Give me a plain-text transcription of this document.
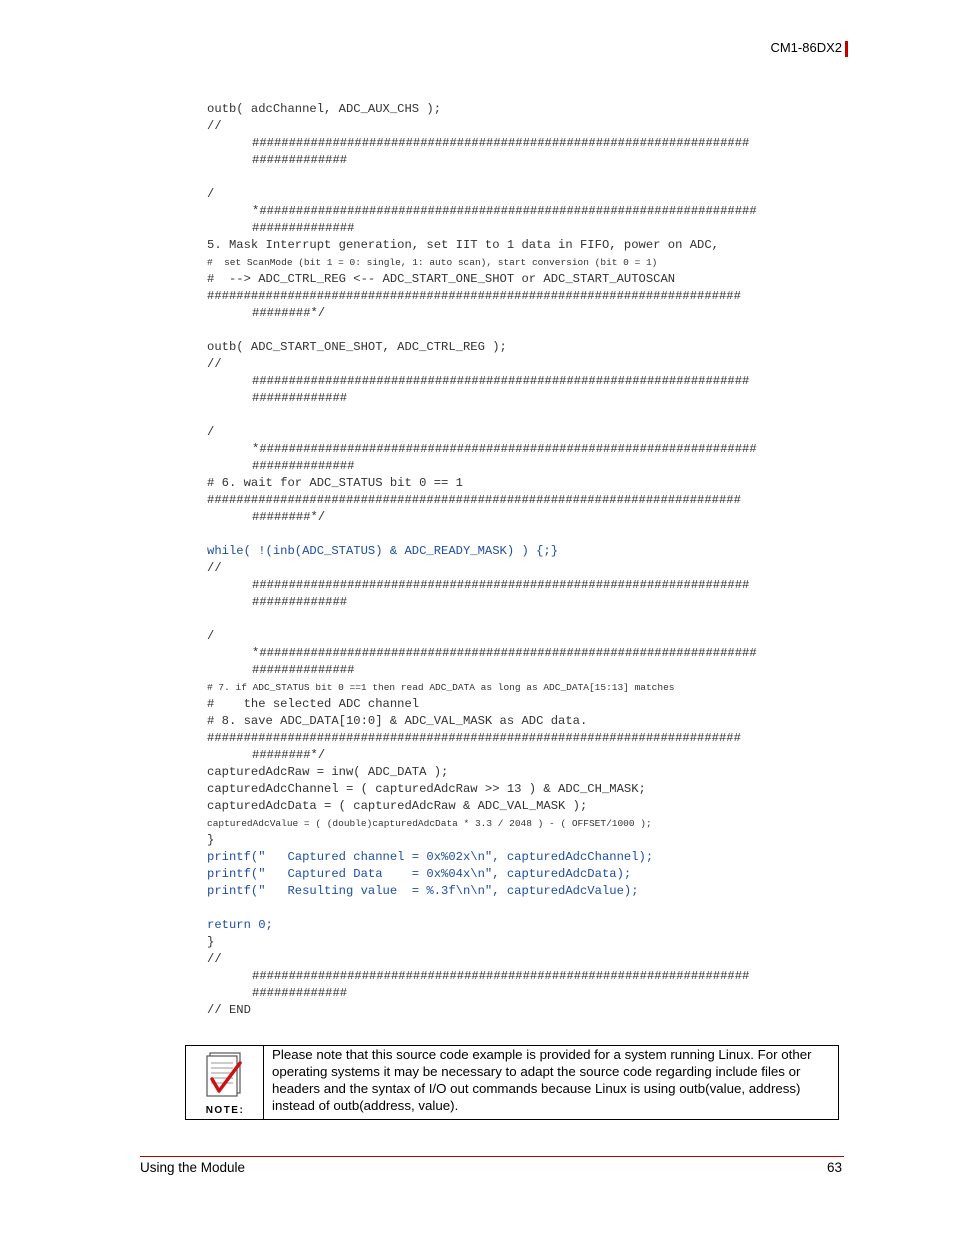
CM1-86DX2
outb( adcChannel, ADC_AUX_CHS );
//
####################################################################
#############
/
*####################################################################
##############
5. Mask Interrupt generation, set IIT to 1 data in FIFO, power on ADC,
#  set ScanMode (bit 1 = 0: single, 1: auto scan), start conversion (bit 0 = 1)
#  --> ADC_CTRL_REG <-- ADC_START_ONE_SHOT or ADC_START_AUTOSCAN
#########################################################################
########*/
outb( ADC_START_ONE_SHOT, ADC_CTRL_REG );
//
####################################################################
#############
/
*####################################################################
##############
# 6. wait for ADC_STATUS bit 0 == 1
#########################################################################
########*/
while( !(inb(ADC_STATUS) & ADC_READY_MASK) ) {;}
//
####################################################################
#############
/
*####################################################################
##############
# 7. if ADC_STATUS bit 0 ==1 then read ADC_DATA as long as ADC_DATA[15:13] matches
#    the selected ADC channel
# 8. save ADC_DATA[10:0] & ADC_VAL_MASK as ADC data.
#########################################################################
########*/
capturedAdcRaw = inw( ADC_DATA );
capturedAdcChannel = ( capturedAdcRaw >> 13 ) & ADC_CH_MASK;
capturedAdcData = ( capturedAdcRaw & ADC_VAL_MASK );
capturedAdcValue = ( (double)capturedAdcData * 3.3 / 2048 ) - ( OFFSET/1000 );
}
printf("   Captured channel = 0x%02x\n", capturedAdcChannel);
printf("   Captured Data    = 0x%04x\n", capturedAdcData);
printf("   Resulting value  = %.3f\n\n", capturedAdcValue);
return 0;
}
//
####################################################################
#############
// END
NOTE:
Please note that this source code example is provided for a system running Linux. For other operating systems it may be necessary to adapt the source code regarding include files or headers and the syntax of I/O out commands because Linux is using outb(value, address) instead of outb(address, value).
Using the Module	63
